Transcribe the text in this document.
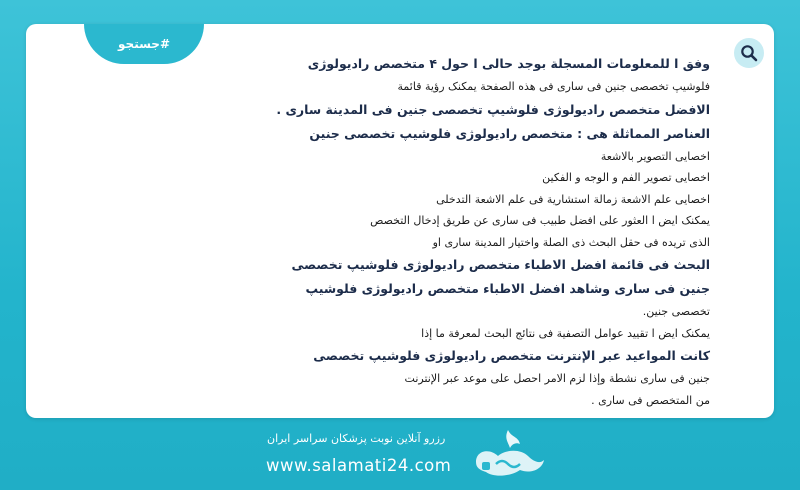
#جستجو
وفق ا للمعلومات المسجلة بوجد حالی ا حول ۴ متخصص رادیولوژی
فلوشیپ تخصصی جنین فی ساری فی هذه الصفحة یمکنک رؤیة قائمة
الافضل متخصص رادیولوژی فلوشیپ تخصصی جنین فی المدینة ساری .
العناصر المماثلة هی : متخصص رادیولوژی فلوشیپ تخصصی جنین
اخصایی التصویر بالاشعة
اخصایی تصویر الفم و الوجه و الفکین
اخصایی علم الاشعة زمالة استشاریة فی علم الاشعة التدخلی
یمکنک ایض ا العثور علی افضل طبیب فی ساری عن طریق إدخال التخصص
الذی تریده فی حقل البحث ذی الصلة واختیار المدینة ساری او
البحث فی قائمة افضل الاطباء متخصص رادیولوژی فلوشیپ تخصصی
جنین فی ساری وشاهد افضل الاطباء متخصص رادیولوژی فلوشیپ
تخصصی جنین.
یمکنک ایض ا تقیید عوامل التصفیة فی نتائج البحث لمعرفة ما إذا
کانت المواعید عبر الإنترنت متخصص رادیولوژی فلوشیپ تخصصی
جنین فی ساری نشطة وإذا لزم الامر احصل علی موعد عبر الإنترنت
من المتخصص فی ساری .
رزرو آنلاین نوبت پزشکان سراسر ایران
www.salamati24.com
